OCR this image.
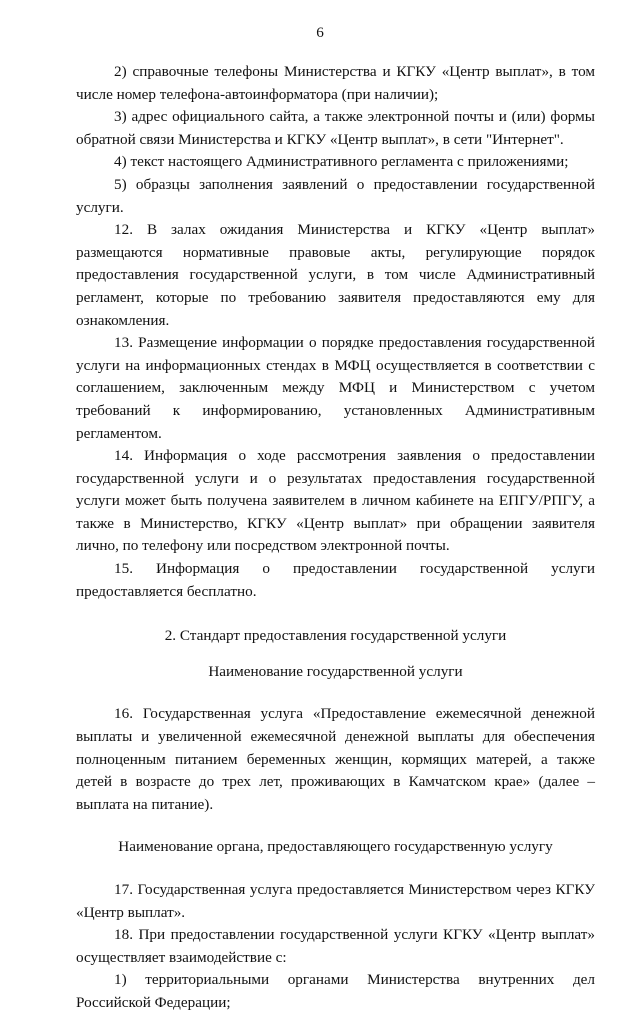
6

2) справочные телефоны Министерства и КГКУ «Центр выплат», в том числе номер телефона-автоинформатора (при наличии);

3) адрес официального сайта, а также электронной почты и (или) формы обратной связи Министерства и КГКУ «Центр выплат», в сети "Интернет".

4) текст настоящего Административного регламента с приложениями;

5) образцы заполнения заявлений о предоставлении государственной услуги.

12. В залах ожидания Министерства и КГКУ «Центр выплат» размещаются нормативные правовые акты, регулирующие порядок предоставления государственной услуги, в том числе Административный регламент, которые по требованию заявителя предоставляются ему для ознакомления.

13. Размещение информации о порядке предоставления государственной услуги на информационных стендах в МФЦ осуществляется в соответствии с соглашением, заключенным между МФЦ и Министерством с учетом требований к информированию, установленных Административным регламентом.

14. Информация о ходе рассмотрения заявления о предоставлении государственной услуги и о результатах предоставления государственной услуги может быть получена заявителем в личном кабинете на ЕПГУ/РПГУ, а также в Министерство, КГКУ «Центр выплат» при обращении заявителя лично, по телефону или посредством электронной почты.

15. Информация о предоставлении государственной услуги предоставляется бесплатно.

2. Стандарт предоставления государственной услуги

Наименование государственной услуги

16. Государственная услуга «Предоставление ежемесячной денежной выплаты и увеличенной ежемесячной денежной выплаты для обеспечения полноценным питанием беременных женщин, кормящих матерей, а также детей в возрасте до трех лет, проживающих в Камчатском крае» (далее – выплата на питание).

Наименование органа, предоставляющего государственную услугу

17. Государственная услуга предоставляется Министерством через КГКУ «Центр выплат».

18. При предоставлении государственной услуги КГКУ «Центр выплат» осуществляет взаимодействие с:

1) территориальными органами Министерства внутренних дел Российской Федерации;
